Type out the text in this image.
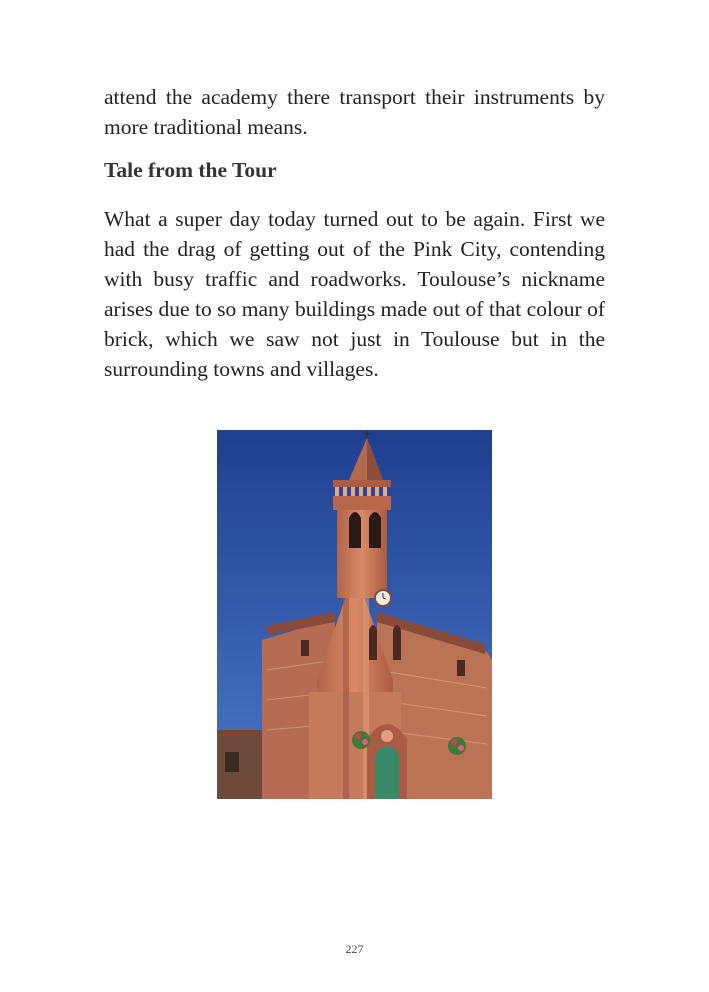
attend the academy there transport their instruments by more traditional means.

Tale from the Tour

What a super day today turned out to be again. First we had the drag of getting out of the Pink City, contending with busy traffic and roadworks. Toulouse’s nickname arises due to so many buildings made out of that colour of brick, which we saw not just in Toulouse but in the surrounding towns and villages.

227
